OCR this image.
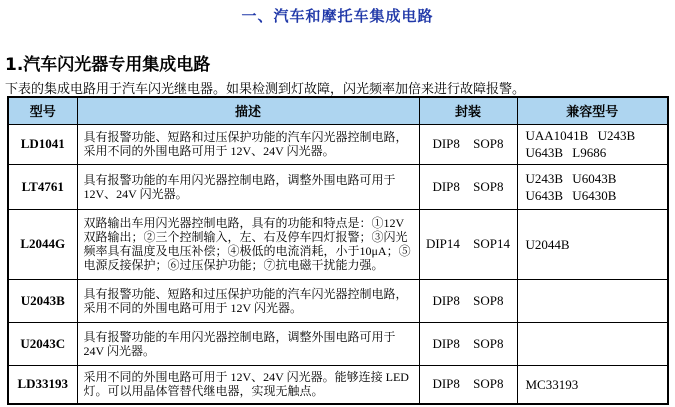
一、汽车和摩托车集成电路
1.汽车闪光器专用集成电路
下表的集成电路用于汽车闪光继电器。如果检测到灯故障，闪光频率加倍来进行故障报警。
型号	描述	封装	兼容型号
LD1041	具有报警功能、短路和过压保护功能的汽车闪光器控制电路，采用不同的外围电路可用于 12V、24V 闪光器。	DIP8 SOP8	UAA1041B U243B U643B L9686
LT4761	具有报警功能的车用闪光器控制电路，调整外围电路可用于 12V、24V 闪光器。	DIP8 SOP8	U243B U6043B U643B U6430B
L2044G	双路输出车用闪光器控制电路，具有的功能和特点是：①12V双路输出；②三个控制输入，左、右及停车四灯报警；③闪光频率具有温度及电压补偿；④极低的电流消耗，小于10μA；⑤电源反接保护；⑥过压保护功能；⑦抗电磁干扰能力强。	DIP14 SOP14	U2044B
U2043B	具有报警功能、短路和过压保护功能的汽车闪光器控制电路，采用不同的外围电路可用于 12V 闪光器。	DIP8 SOP8	
U2043C	具有报警功能的车用闪光器控制电路，调整外围电路可用于 24V 闪光器。	DIP8 SOP8	
LD33193	采用不同的外围电路可用于 12V、24V 闪光器。能够连接 LED 灯。可以用晶体管替代继电器，实现无触点。	DIP8 SOP8	MC33193
